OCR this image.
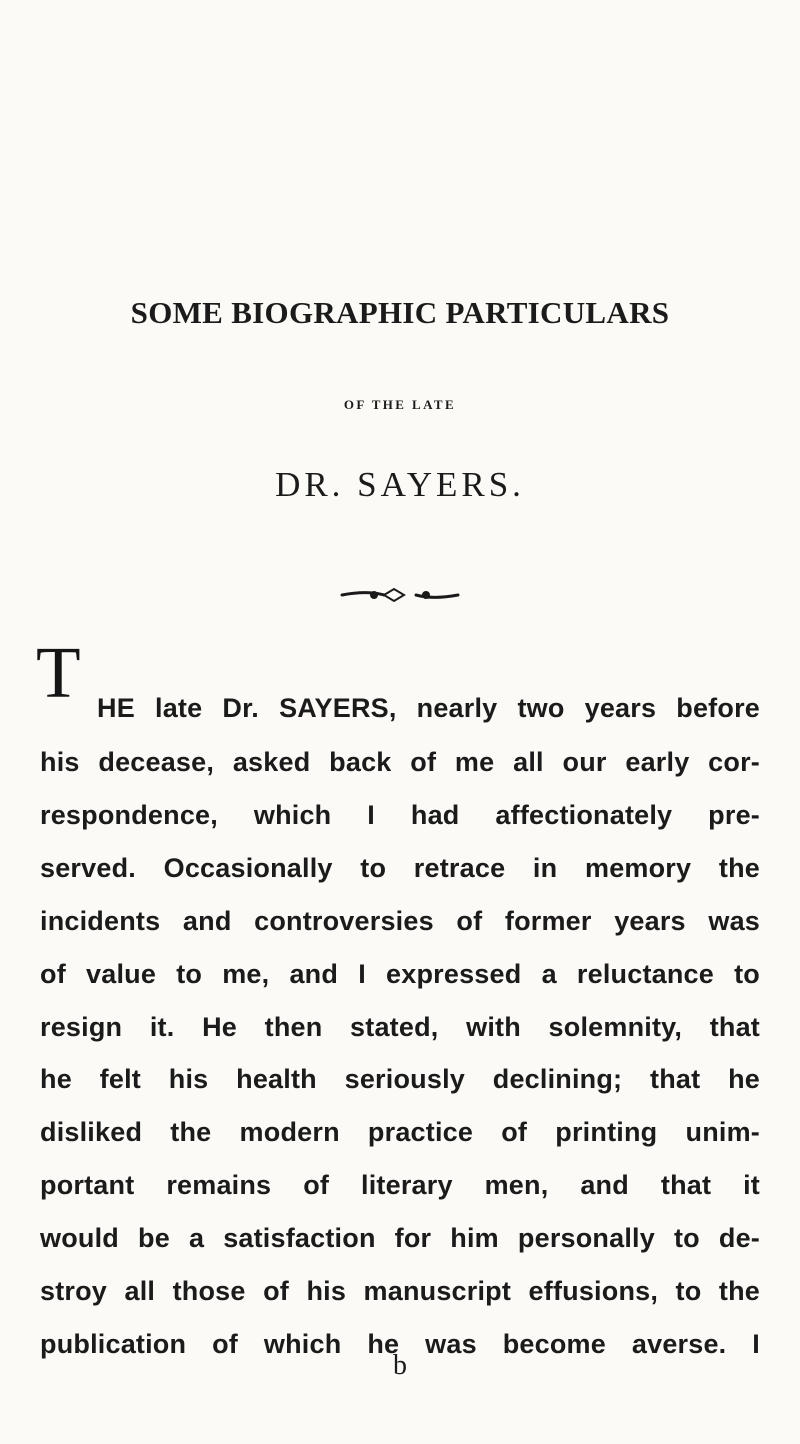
SOME BIOGRAPHIC PARTICULARS
OF THE LATE
DR. SAYERS.
T HE late Dr. SAYERS, nearly two years before
his decease, asked back of me all our early cor-
respondence, which I had affectionately pre-
served. Occasionally to retrace in memory the
incidents and controversies of former years was
of value to me, and I expressed a reluctance to
resign it. He then stated, with solemnity, that
he felt his health seriously declining; that he
disliked the modern practice of printing unim-
portant remains of literary men, and that it
would be a satisfaction for him personally to de-
stroy all those of his manuscript effusions, to the
publication of which he was become averse. I
b
